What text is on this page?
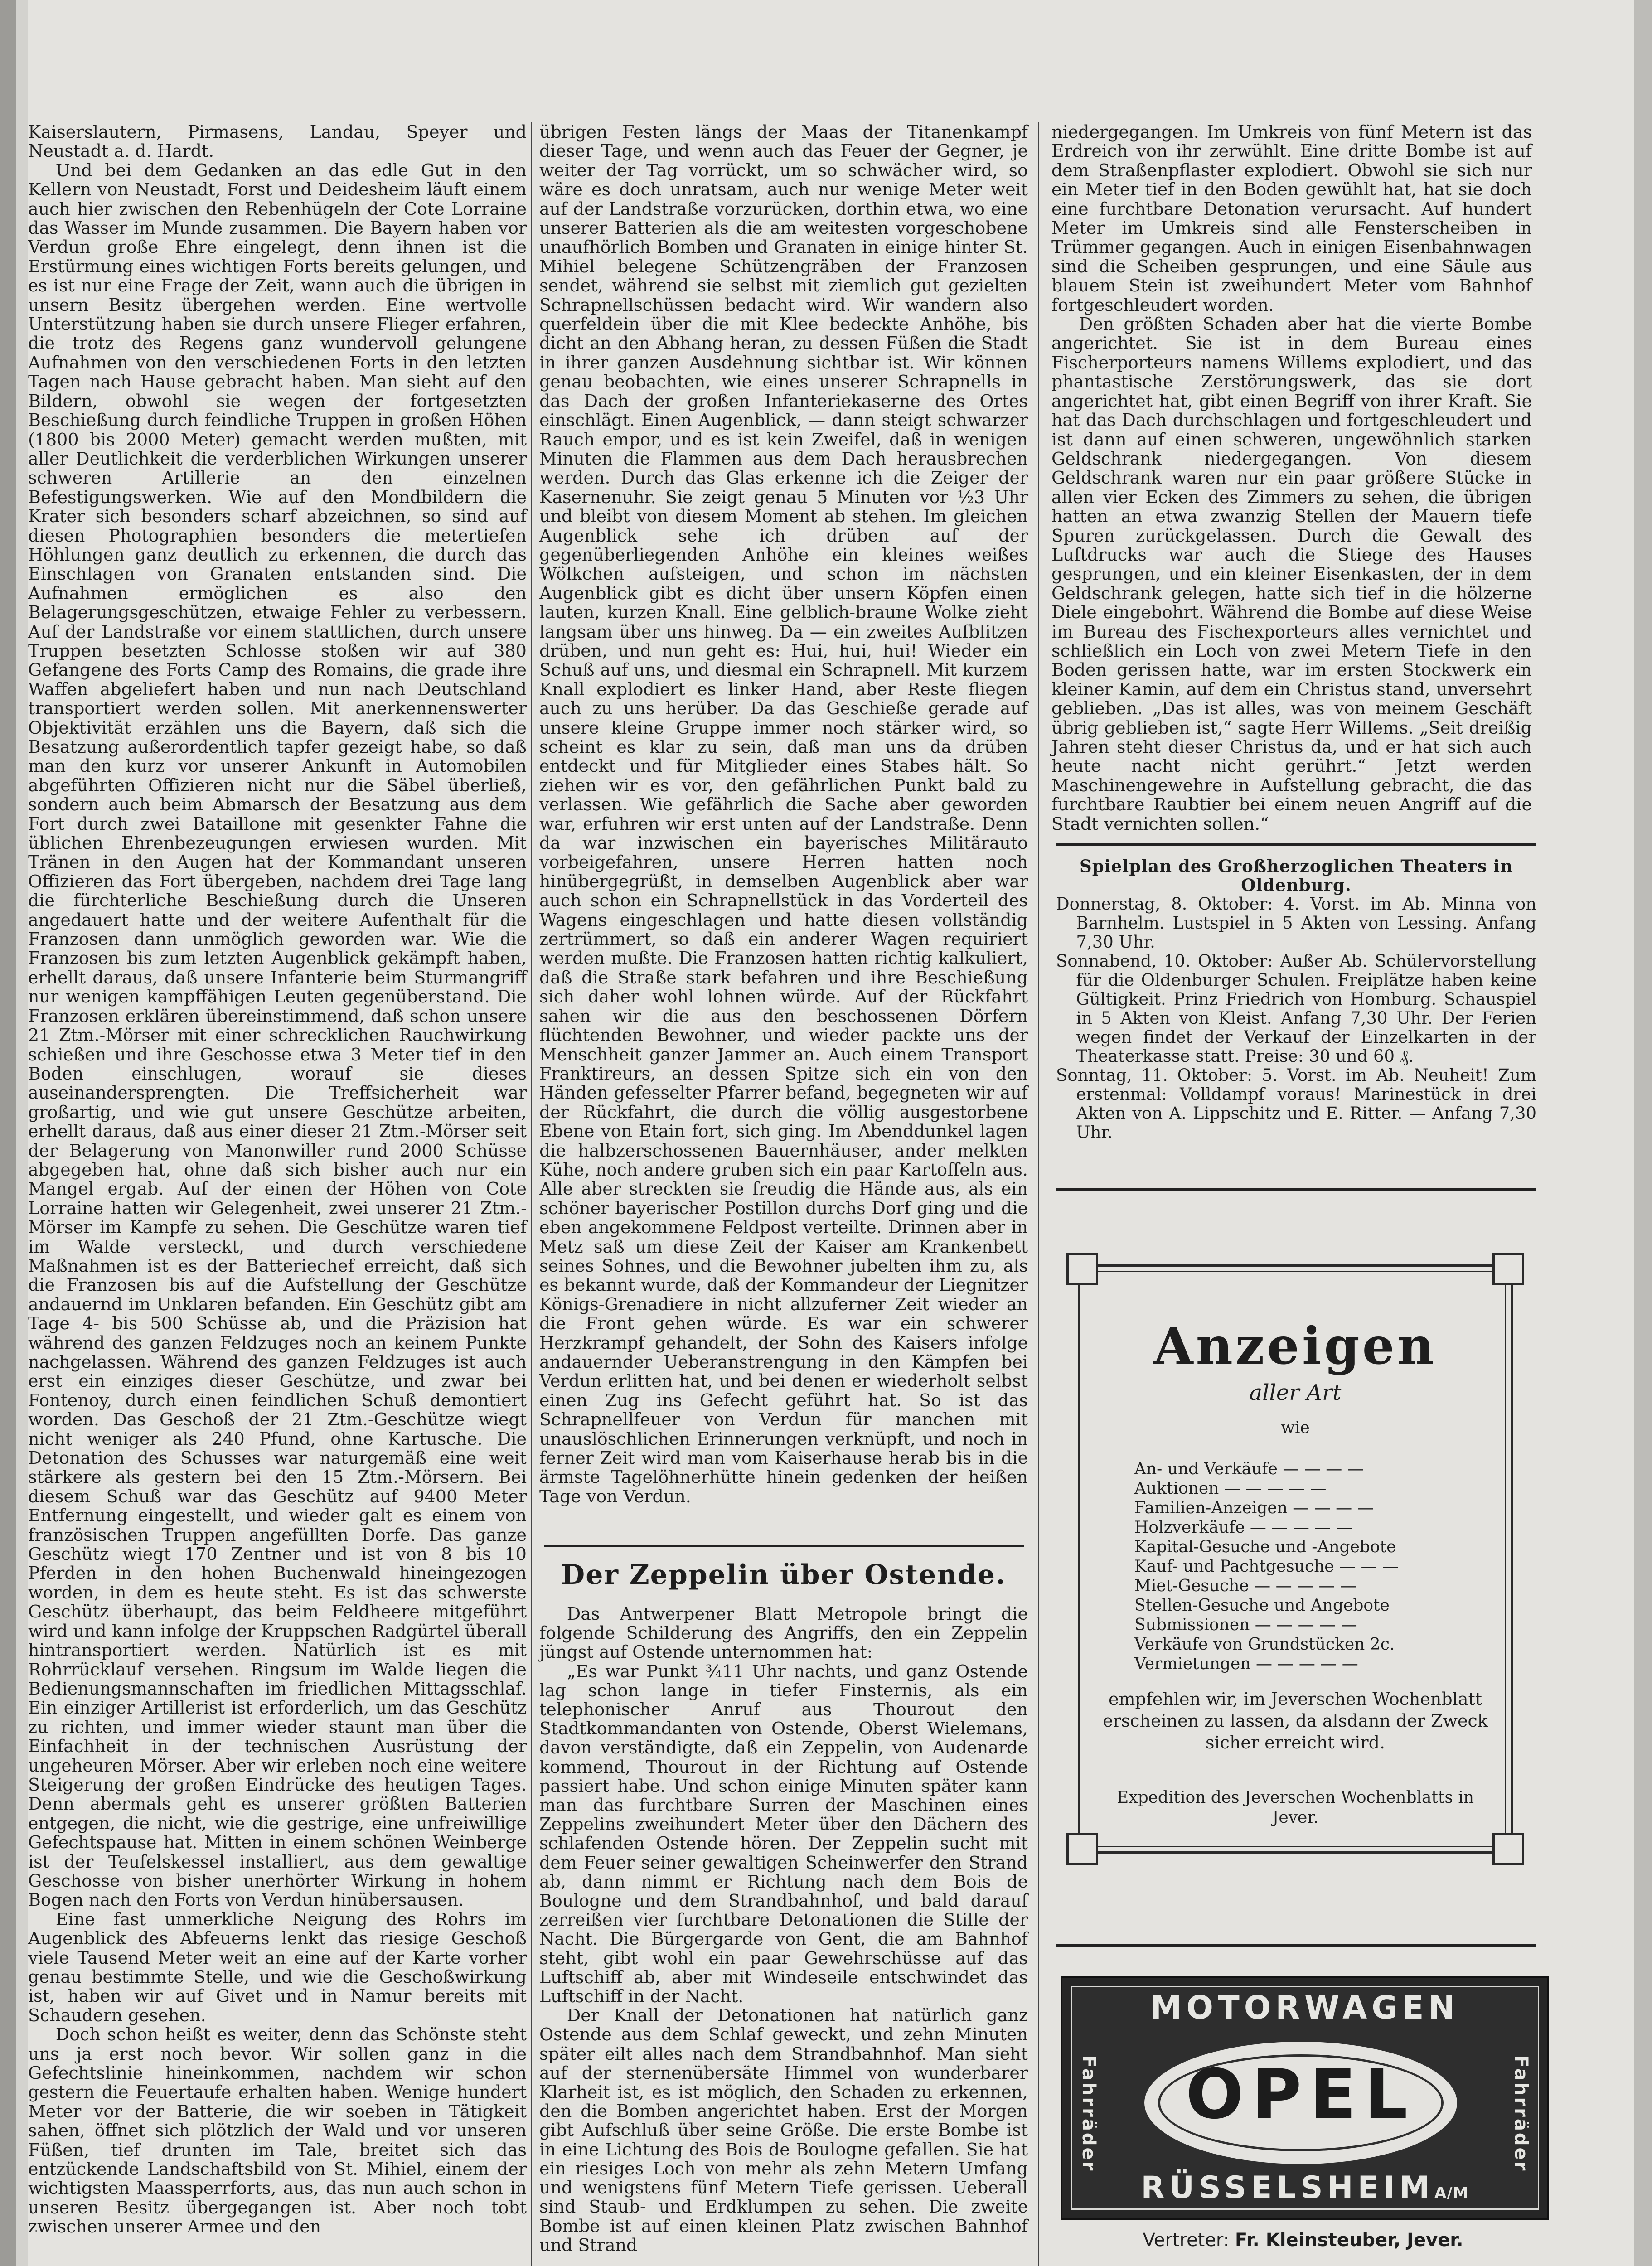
Kaiserslautern, Pirmasens, Landau, Speyer und Neustadt a. d. Hardt.

Und bei dem Gedanken an das edle Gut in den Kellern von Neustadt, Forst und Deidesheim läuft einem auch hier zwischen den Rebenhügeln der Cote Lorraine das Wasser im Munde zusammen. Die Bayern haben vor Verdun große Ehre eingelegt, denn ihnen ist die Erstürmung eines wichtigen Forts bereits gelungen, und es ist nur eine Frage der Zeit, wann auch die übrigen in unsern Besitz übergehen werden. Eine wertvolle Unterstützung haben sie durch unsere Flieger erfahren, die trotz des Regens ganz wundervoll gelungene Aufnahmen von den verschiedenen Forts in den letzten Tagen nach Hause gebracht haben. Man sieht auf den Bildern, obwohl sie wegen der fortgesetzten Beschießung durch feindliche Truppen in großen Höhen (1800 bis 2000 Meter) gemacht werden mußten, mit aller Deutlichkeit die verderblichen Wirkungen unserer schweren Artillerie an den einzelnen Befestigungswerken. Wie auf den Mondbildern die Krater sich besonders scharf abzeichnen, so sind auf diesen Photographien besonders die metertiefen Höhlungen ganz deutlich zu erkennen, die durch das Einschlagen von Granaten entstanden sind. Die Aufnahmen ermöglichen es also den Belagerungsgeschützen, etwaige Fehler zu verbessern. Auf der Landstraße vor einem stattlichen, durch unsere Truppen besetzten Schlosse stoßen wir auf 380 Gefangene des Forts Camp des Romains, die grade ihre Waffen abgeliefert haben und nun nach Deutschland transportiert werden sollen. Mit anerkennenswerter Objektivität erzählen uns die Bayern, daß sich die Besatzung außerordentlich tapfer gezeigt habe, so daß man den kurz vor unserer Ankunft in Automobilen abgeführten Offizieren nicht nur die Säbel überließ, sondern auch beim Abmarsch der Besatzung aus dem Fort durch zwei Bataillone mit gesenkter Fahne die üblichen Ehrenbezeugungen erwiesen wurden. Mit Tränen in den Augen hat der Kommandant unseren Offizieren das Fort übergeben, nachdem drei Tage lang die fürchterliche Beschießung durch die Unseren angedauert hatte und der weitere Aufenthalt für die Franzosen dann unmöglich geworden war. Wie die Franzosen bis zum letzten Augenblick gekämpft haben, erhellt daraus, daß unsere Infanterie beim Sturmangriff nur wenigen kampffähigen Leuten gegenüberstand. Die Franzosen erklären übereinstimmend, daß schon unsere 21 Ztm.-Mörser mit einer schrecklichen Rauchwirkung schießen und ihre Geschosse etwa 3 Meter tief in den Boden einschlugen, worauf sie dieses auseinandersprengten. Die Treffsicherheit war großartig, und wie gut unsere Geschütze arbeiten, erhellt daraus, daß aus einer dieser 21 Ztm.-Mörser seit der Belagerung von Manonwiller rund 2000 Schüsse abgegeben hat, ohne daß sich bisher auch nur ein Mangel ergab. Auf der einen der Höhen von Cote Lorraine hatten wir Gelegenheit, zwei unserer 21 Ztm.-Mörser im Kampfe zu sehen. Die Geschütze waren tief im Walde versteckt, und durch verschiedene Maßnahmen ist es der Batteriechef erreicht, daß sich die Franzosen bis auf die Aufstellung der Geschütze andauernd im Unklaren befanden. Ein Geschütz gibt am Tage 4- bis 500 Schüsse ab, und die Präzision hat während des ganzen Feldzuges noch an keinem Punkte nachgelassen. Während des ganzen Feldzuges ist auch erst ein einziges dieser Geschütze, und zwar bei Fontenoy, durch einen feindlichen Schuß demontiert worden. Das Geschoß der 21 Ztm.-Geschütze wiegt nicht weniger als 240 Pfund, ohne Kartusche. Die Detonation des Schusses war naturgemäß eine weit stärkere als gestern bei den 15 Ztm.-Mörsern. Bei diesem Schuß war das Geschütz auf 9400 Meter Entfernung eingestellt, und wieder galt es einem von französischen Truppen angefüllten Dorfe. Das ganze Geschütz wiegt 170 Zentner und ist von 8 bis 10 Pferden in den hohen Buchenwald hineingezogen worden, in dem es heute steht. Es ist das schwerste Geschütz überhaupt, das beim Feldheere mitgeführt wird und kann infolge der Kruppschen Radgürtel überall hintransportiert werden. Natürlich ist es mit Rohrrücklauf versehen. Ringsum im Walde liegen die Bedienungsmannschaften im friedlichen Mittagsschlaf. Ein einziger Artillerist ist erforderlich, um das Geschütz zu richten, und immer wieder staunt man über die Einfachheit in der technischen Ausrüstung der ungeheuren Mörser. Aber wir erleben noch eine weitere Steigerung der großen Eindrücke des heutigen Tages. Denn abermals geht es unserer größten Batterien entgegen, die nicht, wie die gestrige, eine unfreiwillige Gefechtspause hat. Mitten in einem schönen Weinberge ist der Teufelskessel installiert, aus dem gewaltige Geschosse von bisher unerhörter Wirkung in hohem Bogen nach den Forts von Verdun hinübersausen.

Eine fast unmerkliche Neigung des Rohrs im Augenblick des Abfeuerns lenkt das riesige Geschoß viele Tausend Meter weit an eine auf der Karte vorher genau bestimmte Stelle, und wie die Geschoßwirkung ist, haben wir auf Givet und in Namur bereits mit Schaudern gesehen.

Doch schon heißt es weiter, denn das Schönste steht uns ja erst noch bevor. Wir sollen ganz in die Gefechtslinie hineinkommen, nachdem wir schon gestern die Feuertaufe erhalten haben. Wenige hundert Meter vor der Batterie, die wir soeben in Tätigkeit sahen, öffnet sich plötzlich der Wald und vor unseren Füßen, tief drunten im Tale, breitet sich das entzückende Landschaftsbild von St. Mihiel, einem der wichtigsten Maassperrforts, aus, das nun auch schon in unseren Besitz übergegangen ist. Aber noch tobt zwischen unserer Armee und den

übrigen Festen längs der Maas der Titanenkampf dieser Tage, und wenn auch das Feuer der Gegner, je weiter der Tag vorrückt, um so schwächer wird, so wäre es doch unratsam, auch nur wenige Meter weit auf der Landstraße vorzurücken, dorthin etwa, wo eine unserer Batterien als die am weitesten vorgeschobene unaufhörlich Bomben und Granaten in einige hinter St. Mihiel belegene Schützengräben der Franzosen sendet, während sie selbst mit ziemlich gut gezielten Schrapnellschüssen bedacht wird. Wir wandern also querfeldein über die mit Klee bedeckte Anhöhe, bis dicht an den Abhang heran, zu dessen Füßen die Stadt in ihrer ganzen Ausdehnung sichtbar ist. Wir können genau beobachten, wie eines unserer Schrapnells in das Dach der großen Infanteriekaserne des Ortes einschlägt. Einen Augenblick, — dann steigt schwarzer Rauch empor, und es ist kein Zweifel, daß in wenigen Minuten die Flammen aus dem Dach herausbrechen werden. Durch das Glas erkenne ich die Zeiger der Kasernenuhr. Sie zeigt genau 5 Minuten vor ½3 Uhr und bleibt von diesem Moment ab stehen. Im gleichen Augenblick sehe ich drüben auf der gegenüberliegenden Anhöhe ein kleines weißes Wölkchen aufsteigen, und schon im nächsten Augenblick gibt es dicht über unsern Köpfen einen lauten, kurzen Knall. Eine gelblich-braune Wolke zieht langsam über uns hinweg. Da — ein zweites Aufblitzen drüben, und nun geht es: Hui, hui, hui! Wieder ein Schuß auf uns, und diesmal ein Schrapnell. Mit kurzem Knall explodiert es linker Hand, aber Reste fliegen auch zu uns herüber. Da das Geschieße gerade auf unsere kleine Gruppe immer noch stärker wird, so scheint es klar zu sein, daß man uns da drüben entdeckt und für Mitglieder eines Stabes hält. So ziehen wir es vor, den gefährlichen Punkt bald zu verlassen. Wie gefährlich die Sache aber geworden war, erfuhren wir erst unten auf der Landstraße. Denn da war inzwischen ein bayerisches Militärauto vorbeigefahren, unsere Herren hatten noch hinübergegrüßt, in demselben Augenblick aber war auch schon ein Schrapnellstück in das Vorderteil des Wagens eingeschlagen und hatte diesen vollständig zertrümmert, so daß ein anderer Wagen requiriert werden mußte. Die Franzosen hatten richtig kalkuliert, daß die Straße stark befahren und ihre Beschießung sich daher wohl lohnen würde. Auf der Rückfahrt sahen wir die aus den beschossenen Dörfern flüchtenden Bewohner, und wieder packte uns der Menschheit ganzer Jammer an. Auch einem Transport Franktireurs, an dessen Spitze sich ein von den Händen gefesselter Pfarrer befand, begegneten wir auf der Rückfahrt, die durch die völlig ausgestorbene Ebene von Etain fort, sich ging. Im Abenddunkel lagen die halbzerschossenen Bauernhäuser, ander melkten Kühe, noch andere gruben sich ein paar Kartoffeln aus. Alle aber streckten sie freudig die Hände aus, als ein schöner bayerischer Postillon durchs Dorf ging und die eben angekommene Feldpost verteilte. Drinnen aber in Metz saß um diese Zeit der Kaiser am Krankenbett seines Sohnes, und die Bewohner jubelten ihm zu, als es bekannt wurde, daß der Kommandeur der Liegnitzer Königs-Grenadiere in nicht allzuferner Zeit wieder an die Front gehen würde. Es war ein schwerer Herzkrampf gehandelt, der Sohn des Kaisers infolge andauernder Ueberanstrengung in den Kämpfen bei Verdun erlitten hat, und bei denen er wiederholt selbst einen Zug ins Gefecht geführt hat. So ist das Schrapnellfeuer von Verdun für manchen mit unauslöschlichen Erinnerungen verknüpft, und noch in ferner Zeit wird man vom Kaiserhause herab bis in die ärmste Tagelöhnerhütte hinein gedenken der heißen Tage von Verdun.

Der Zeppelin über Ostende.

Das Antwerpener Blatt Metropole bringt die folgende Schilderung des Angriffs, den ein Zeppelin jüngst auf Ostende unternommen hat:

„Es war Punkt ¾11 Uhr nachts, und ganz Ostende lag schon lange in tiefer Finsternis, als ein telephonischer Anruf aus Thourout den Stadtkommandanten von Ostende, Oberst Wielemans, davon verständigte, daß ein Zeppelin, von Audenarde kommend, Thourout in der Richtung auf Ostende passiert habe. Und schon einige Minuten später kann man das furchtbare Surren der Maschinen eines Zeppelins zweihundert Meter über den Dächern des schlafenden Ostende hören. Der Zeppelin sucht mit dem Feuer seiner gewaltigen Scheinwerfer den Strand ab, dann nimmt er Richtung nach dem Bois de Boulogne und dem Strandbahnhof, und bald darauf zerreißen vier furchtbare Detonationen die Stille der Nacht. Die Bürgergarde von Gent, die am Bahnhof steht, gibt wohl ein paar Gewehrschüsse auf das Luftschiff ab, aber mit Windeseile entschwindet das Luftschiff in der Nacht.

Der Knall der Detonationen hat natürlich ganz Ostende aus dem Schlaf geweckt, und zehn Minuten später eilt alles nach dem Strandbahnhof. Man sieht auf der sternenübersäte Himmel von wunderbarer Klarheit ist, es ist möglich, den Schaden zu erkennen, den die Bomben angerichtet haben. Erst der Morgen gibt Aufschluß über seine Größe. Die erste Bombe ist in eine Lichtung des Bois de Boulogne gefallen. Sie hat ein riesiges Loch von mehr als zehn Metern Umfang und wenigstens fünf Metern Tiefe gerissen. Ueberall sind Staub- und Erdklumpen zu sehen. Die zweite Bombe ist auf einen kleinen Platz zwischen Bahnhof und Strand

niedergegangen. Im Umkreis von fünf Metern ist das Erdreich von ihr zerwühlt. Eine dritte Bombe ist auf dem Straßenpflaster explodiert. Obwohl sie sich nur ein Meter tief in den Boden gewühlt hat, hat sie doch eine furchtbare Detonation verursacht. Auf hundert Meter im Umkreis sind alle Fensterscheiben in Trümmer gegangen. Auch in einigen Eisenbahnwagen sind die Scheiben gesprungen, und eine Säule aus blauem Stein ist zweihundert Meter vom Bahnhof fortgeschleudert worden.

Den größten Schaden aber hat die vierte Bombe angerichtet. Sie ist in dem Bureau eines Fischerporteurs namens Willems explodiert, und das phantastische Zerstörungswerk, das sie dort angerichtet hat, gibt einen Begriff von ihrer Kraft. Sie hat das Dach durchschlagen und fortgeschleudert und ist dann auf einen schweren, ungewöhnlich starken Geldschrank niedergegangen. Von diesem Geldschrank waren nur ein paar größere Stücke in allen vier Ecken des Zimmers zu sehen, die übrigen hatten an etwa zwanzig Stellen der Mauern tiefe Spuren zurückgelassen. Durch die Gewalt des Luftdrucks war auch die Stiege des Hauses gesprungen, und ein kleiner Eisenkasten, der in dem Geldschrank gelegen, hatte sich tief in die hölzerne Diele eingebohrt. Während die Bombe auf diese Weise im Bureau des Fischexporteurs alles vernichtet und schließlich ein Loch von zwei Metern Tiefe in den Boden gerissen hatte, war im ersten Stockwerk ein kleiner Kamin, auf dem ein Christus stand, unversehrt geblieben. „Das ist alles, was von meinem Geschäft übrig geblieben ist,“ sagte Herr Willems. „Seit dreißig Jahren steht dieser Christus da, und er hat sich auch heute nacht nicht gerührt.“ Jetzt werden Maschinengewehre in Aufstellung gebracht, die das furchtbare Raubtier bei einem neuen Angriff auf die Stadt vernichten sollen.“

Spielplan des Großherzoglichen Theaters in Oldenburg.

Donnerstag, 8. Oktober: 4. Vorst. im Ab. Minna von Barnhelm. Lustspiel in 5 Akten von Lessing. Anfang 7,30 Uhr.

Sonnabend, 10. Oktober: Außer Ab. Schülervorstellung für die Oldenburger Schulen. Freiplätze haben keine Gültigkeit. Prinz Friedrich von Homburg. Schauspiel in 5 Akten von Kleist. Anfang 7,30 Uhr. Der Ferien wegen findet der Verkauf der Einzelkarten in der Theaterkasse statt. Preise: 30 und 60 ₰.

Sonntag, 11. Oktober: 5. Vorst. im Ab. Neuheit! Zum erstenmal: Volldampf voraus! Marinestück in drei Akten von A. Lippschitz und E. Ritter. — Anfang 7,30 Uhr.

Anzeigen
aller Art
wie
An- und Verkäufe — — — —
Auktionen — — — — —
Familien-Anzeigen — — — —
Holzverkäufe — — — — —
Kapital-Gesuche und -Angebote
Kauf- und Pachtgesuche — — —
Miet-Gesuche — — — — —
Stellen-Gesuche und Angebote
Submissionen — — — — —
Verkäufe von Grundstücken 2c.
Vermietungen — — — — —
empfehlen wir, im Jeverschen Wochenblatt erscheinen zu lassen, da alsdann der Zweck sicher erreicht wird.
Expedition des Jeverschen Wochenblatts in Jever.
MOTORWAGEN
Fahrräder	Fahrräder
OPEL
RÜSSELSHEIMA/M
Vertreter: Fr. Kleinsteuber, Jever.
